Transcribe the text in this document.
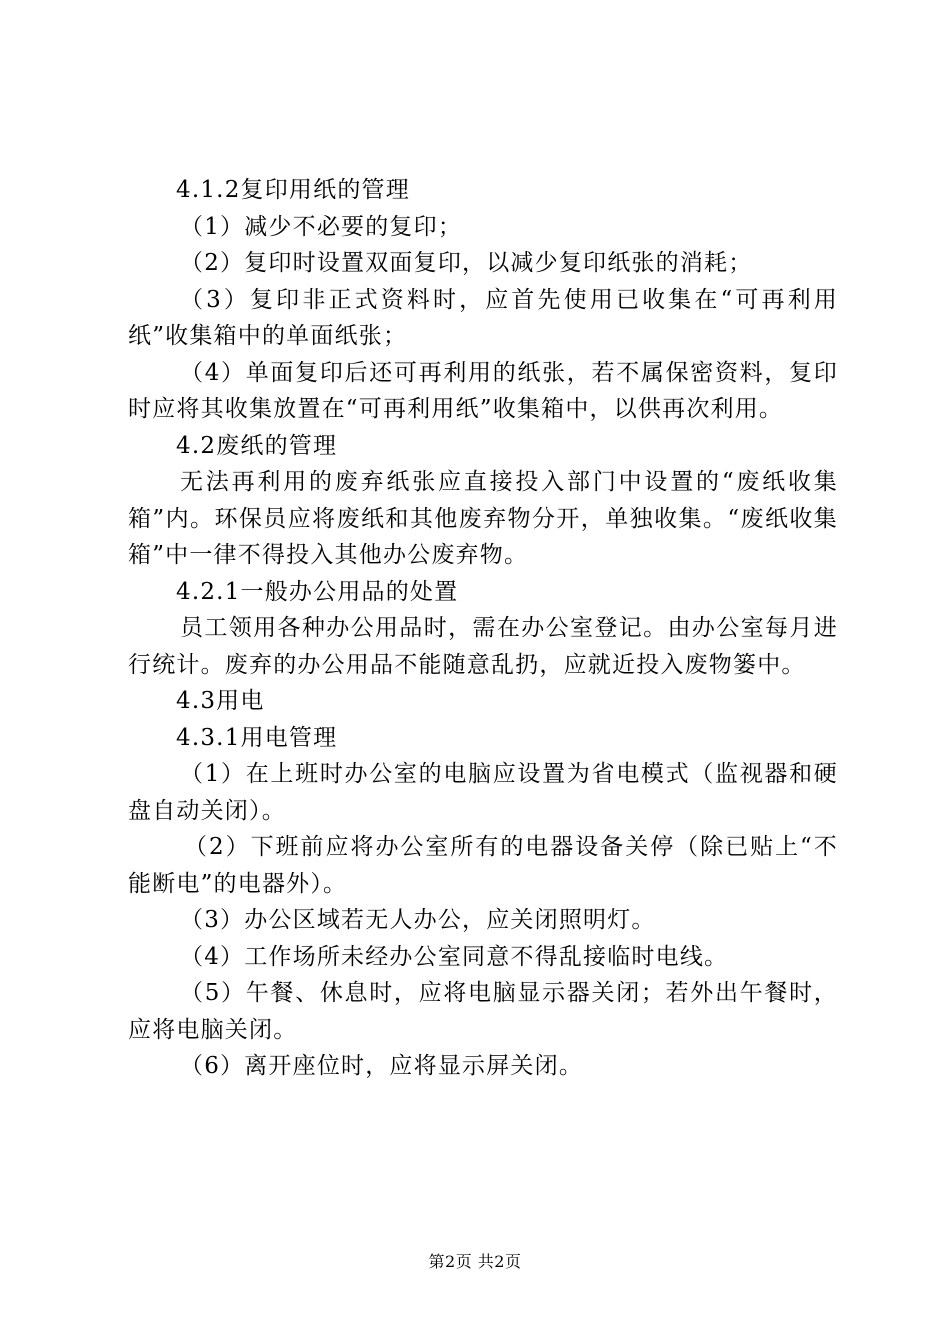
4.1.2复印用纸的管理

（1）减少不必要的复印；

（2）复印时设置双面复印，以减少复印纸张的消耗；

（3）复印非正式资料时，应首先使用已收集在“可再利用纸”收集箱中的单面纸张；

（4）单面复印后还可再利用的纸张，若不属保密资料，复印时应将其收集放置在“可再利用纸”收集箱中，以供再次利用。

4.2废纸的管理

无法再利用的废弃纸张应直接投入部门中设置的“废纸收集箱”内。环保员应将废纸和其他废弃物分开，单独收集。“废纸收集箱”中一律不得投入其他办公废弃物。

4.2.1一般办公用品的处置

员工领用各种办公用品时，需在办公室登记。由办公室每月进行统计。废弃的办公用品不能随意乱扔，应就近投入废物篓中。

4.3用电

4.3.1用电管理

（1）在上班时办公室的电脑应设置为省电模式（监视器和硬盘自动关闭）。

（2）下班前应将办公室所有的电器设备关停（除已贴上“不能断电”的电器外）。

（3）办公区域若无人办公，应关闭照明灯。

（4）工作场所未经办公室同意不得乱接临时电线。

（5）午餐、休息时，应将电脑显示器关闭；若外出午餐时，应将电脑关闭。

（6）离开座位时，应将显示屏关闭。

第2页 共2页
